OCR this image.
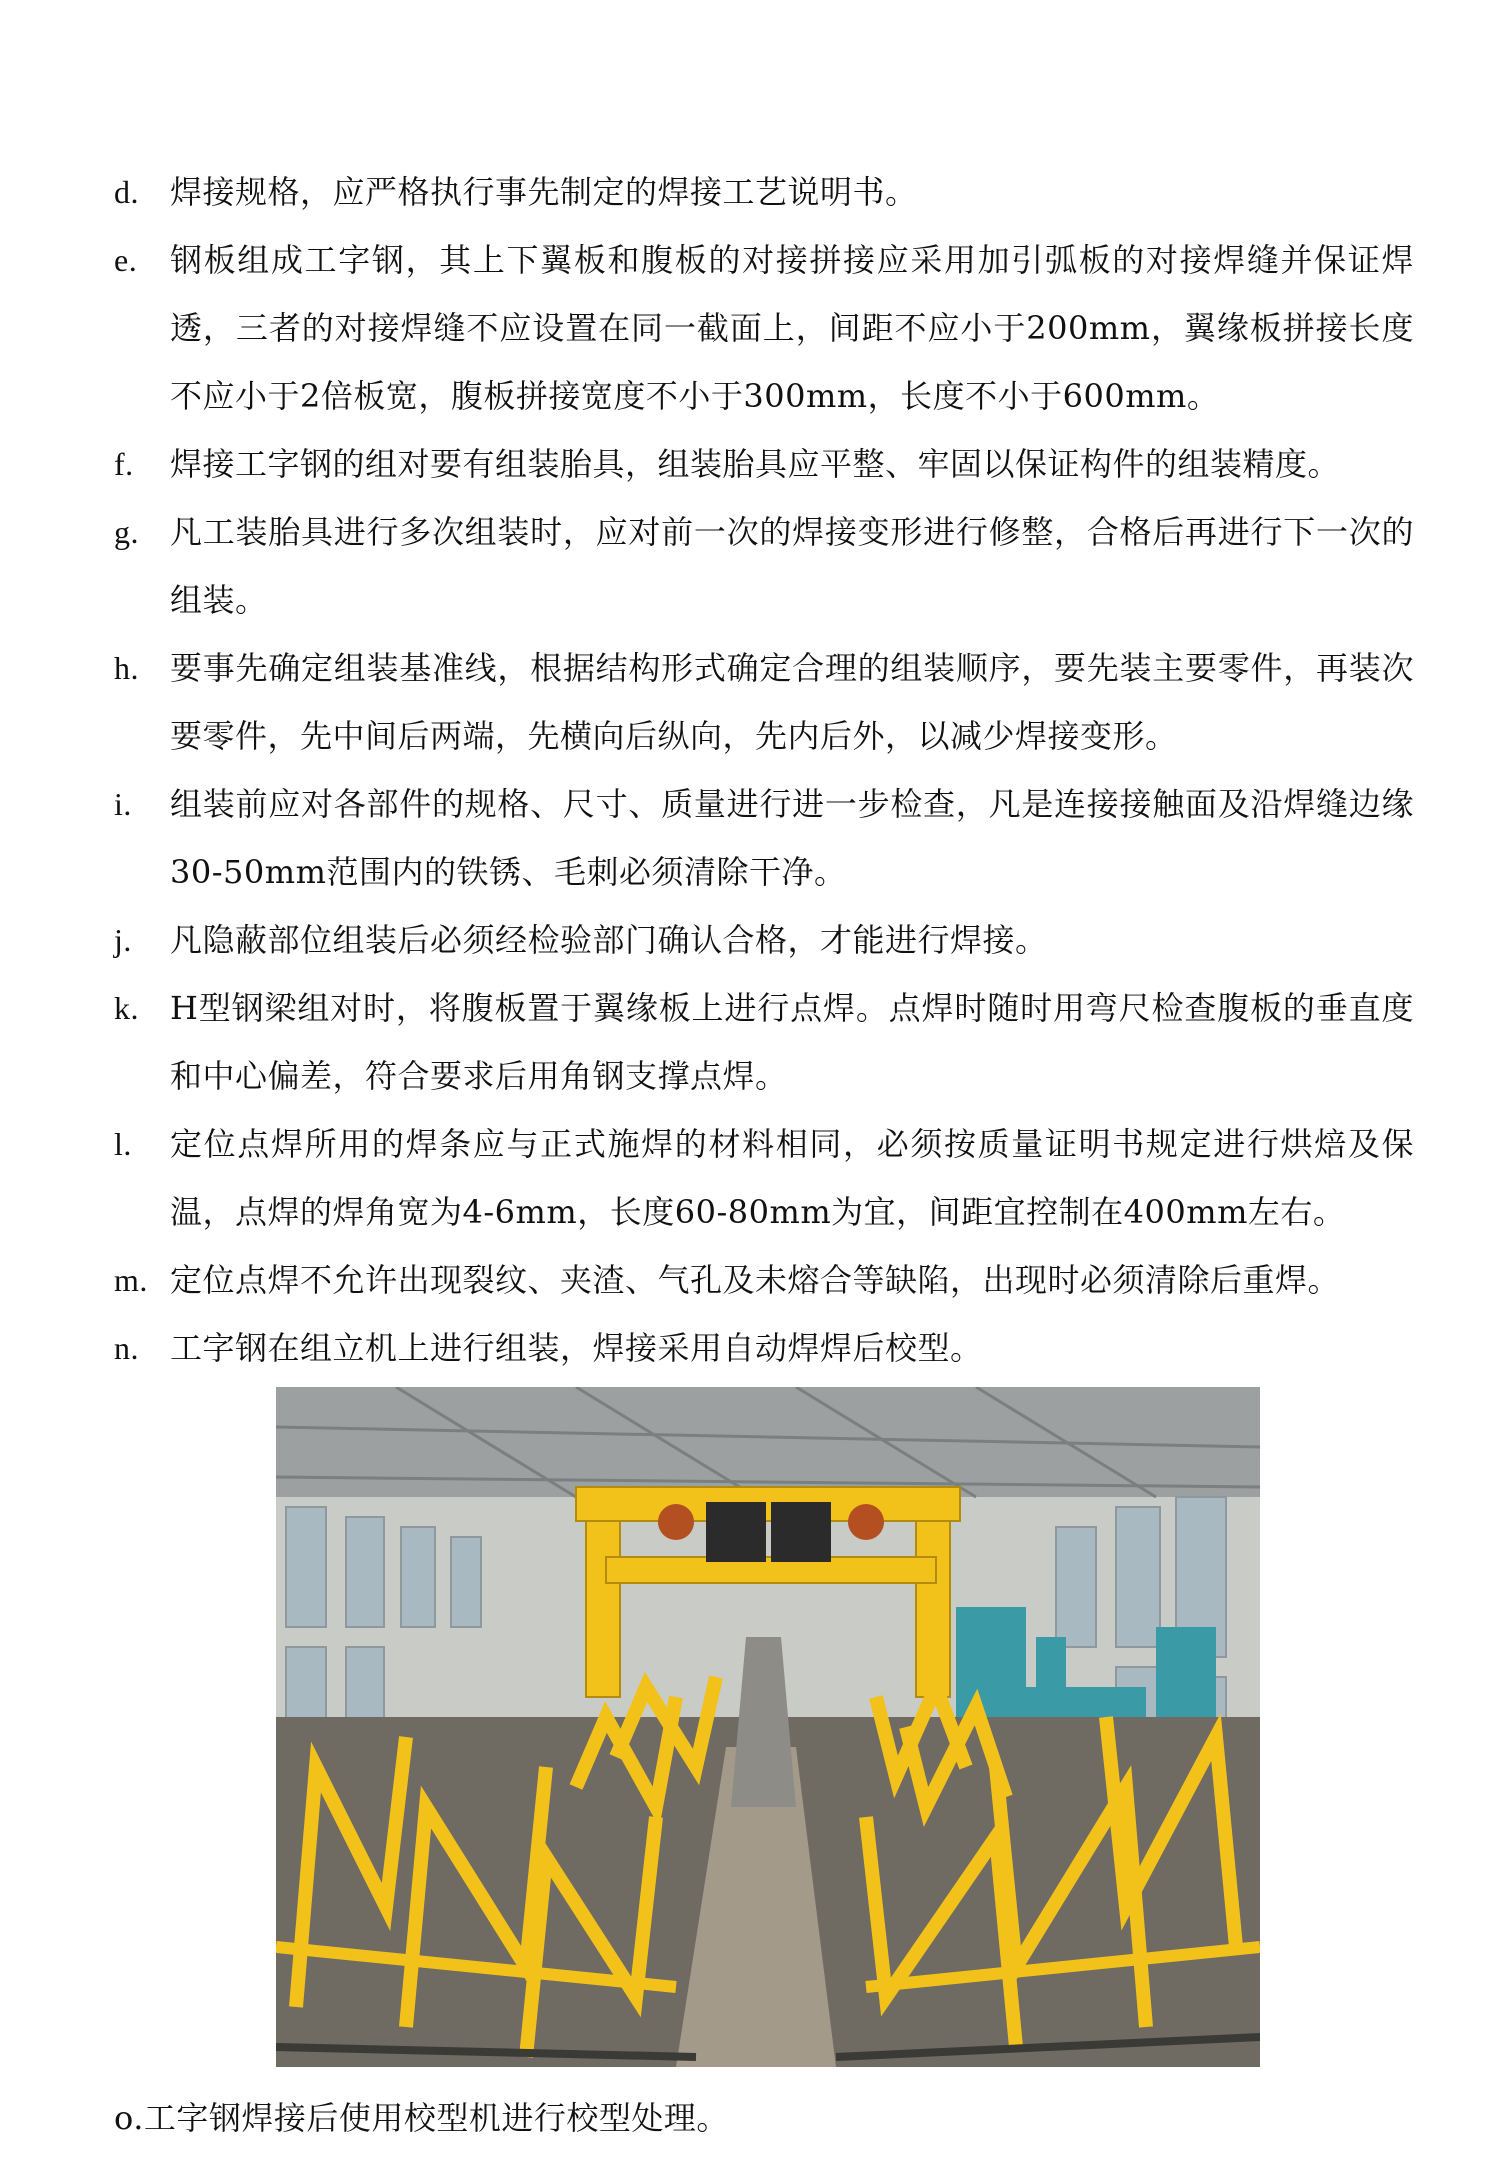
d. 焊接规格，应严格执行事先制定的焊接工艺说明书。
e.	钢板组成工字钢，其上下翼板和腹板的对接拼接应采用加引弧板的对接焊缝并保证焊透，三者的对接焊缝不应设置在同一截面上，间距不应小于200mm，翼缘板拼接长度不应小于2倍板宽，腹板拼接宽度不小于300mm，长度不小于600mm。
f.	焊接工字钢的组对要有组装胎具，组装胎具应平整、牢固以保证构件的组装精度。
g. 凡工装胎具进行多次组装时，应对前一次的焊接变形进行修整，合格后再进行下一次的组装。
h. 要事先确定组装基准线，根据结构形式确定合理的组装顺序，要先装主要零件，再装次要零件，先中间后两端，先横向后纵向，先内后外，以减少焊接变形。
i.	组装前应对各部件的规格、尺寸、质量进行进一步检查，凡是连接接触面及沿焊缝边缘30-50mm范围内的铁锈、毛刺必须清除干净。
j.	凡隐蔽部位组装后必须经检验部门确认合格，才能进行焊接。
k. H型钢梁组对时，将腹板置于翼缘板上进行点焊。点焊时随时用弯尺检查腹板的垂直度和中心偏差，符合要求后用角钢支撑点焊。
l.	定位点焊所用的焊条应与正式施焊的材料相同，必须按质量证明书规定进行烘焙及保温，点焊的焊角宽为4-6mm，长度60-80mm为宜，间距宜控制在400mm左右。
m. 定位点焊不允许出现裂纹、夹渣、气孔及未熔合等缺陷，出现时必须清除后重焊。
n. 工字钢在组立机上进行组装，焊接采用自动焊焊后校型。
o.工字钢焊接后使用校型机进行校型处理。
